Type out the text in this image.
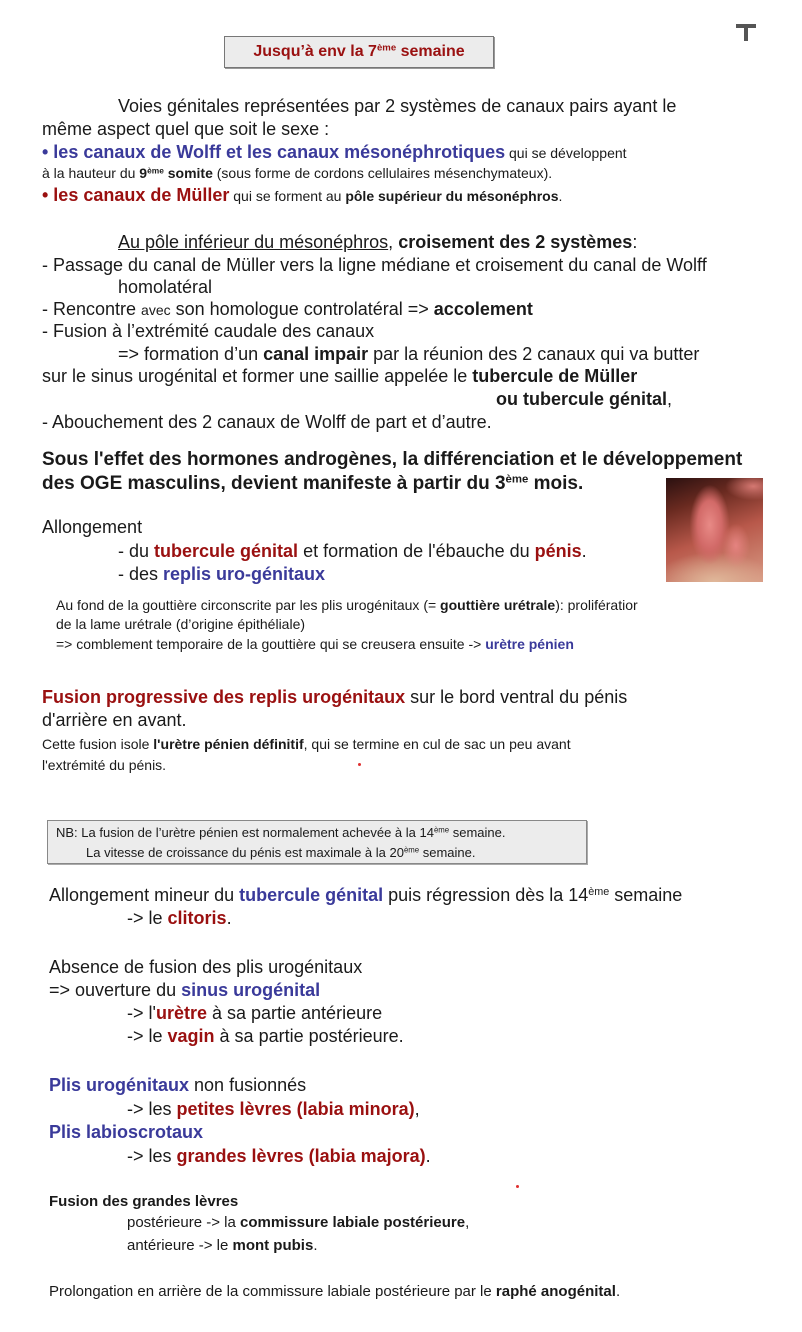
Jusqu’à env la 7ème semaine
Voies génitales représentées par 2 systèmes de canaux pairs ayant le
même aspect quel que soit le sexe :
• les canaux de Wolff et les canaux mésonéphrotiques qui se développent
à la hauteur du 9ème somite (sous forme de cordons cellulaires mésenchymateux).
• les canaux de Müller qui se forment au pôle supérieur du mésonéphros.
Au pôle inférieur du mésonéphros, croisement des 2 systèmes:
- Passage du canal de Müller vers la ligne médiane et croisement du canal de Wolff
homolatéral
- Rencontre avec son homologue controlatéral => accolement
- Fusion à l’extrémité caudale des canaux
=> formation d’un canal impair par la réunion des 2 canaux qui va butter
sur le sinus urogénital et former une saillie appelée le tubercule de Müller
ou tubercule génital,
- Abouchement des 2 canaux de Wolff de part et d’autre.
Sous l'effet des hormones androgènes, la différenciation et le développement
des OGE masculins, devient manifeste à partir du 3ème mois.
Allongement
- du tubercule génital et formation de l'ébauche du pénis.
- des replis uro-génitaux
Au fond de la gouttière circonscrite par les plis urogénitaux (= gouttière urétrale): prolifératior
de la lame urétrale (d’origine épithéliale)
=> comblement temporaire de la gouttière qui se creusera ensuite -> urètre pénien
Fusion progressive des replis urogénitaux sur le bord ventral du pénis
d'arrière en avant.
Cette fusion isole l'urètre pénien définitif, qui se termine en cul de sac un peu avant
l'extrémité du pénis.
NB: La fusion de l’urètre pénien est normalement achevée à la 14ème semaine.
La vitesse de croissance du pénis est maximale à la 20ème semaine.
Allongement mineur du tubercule génital puis régression dès la 14ème semaine
-> le clitoris.
Absence de fusion des plis urogénitaux
=> ouverture du sinus urogénital
-> l'urètre à sa partie antérieure
-> le vagin à sa partie postérieure.
Plis urogénitaux non fusionnés
-> les petites lèvres (labia minora),
Plis labioscrotaux
-> les grandes lèvres (labia majora).
Fusion des grandes lèvres
postérieure -> la commissure labiale postérieure,
antérieure -> le mont pubis.
Prolongation en arrière de la commissure labiale postérieure par le raphé anogénital.
